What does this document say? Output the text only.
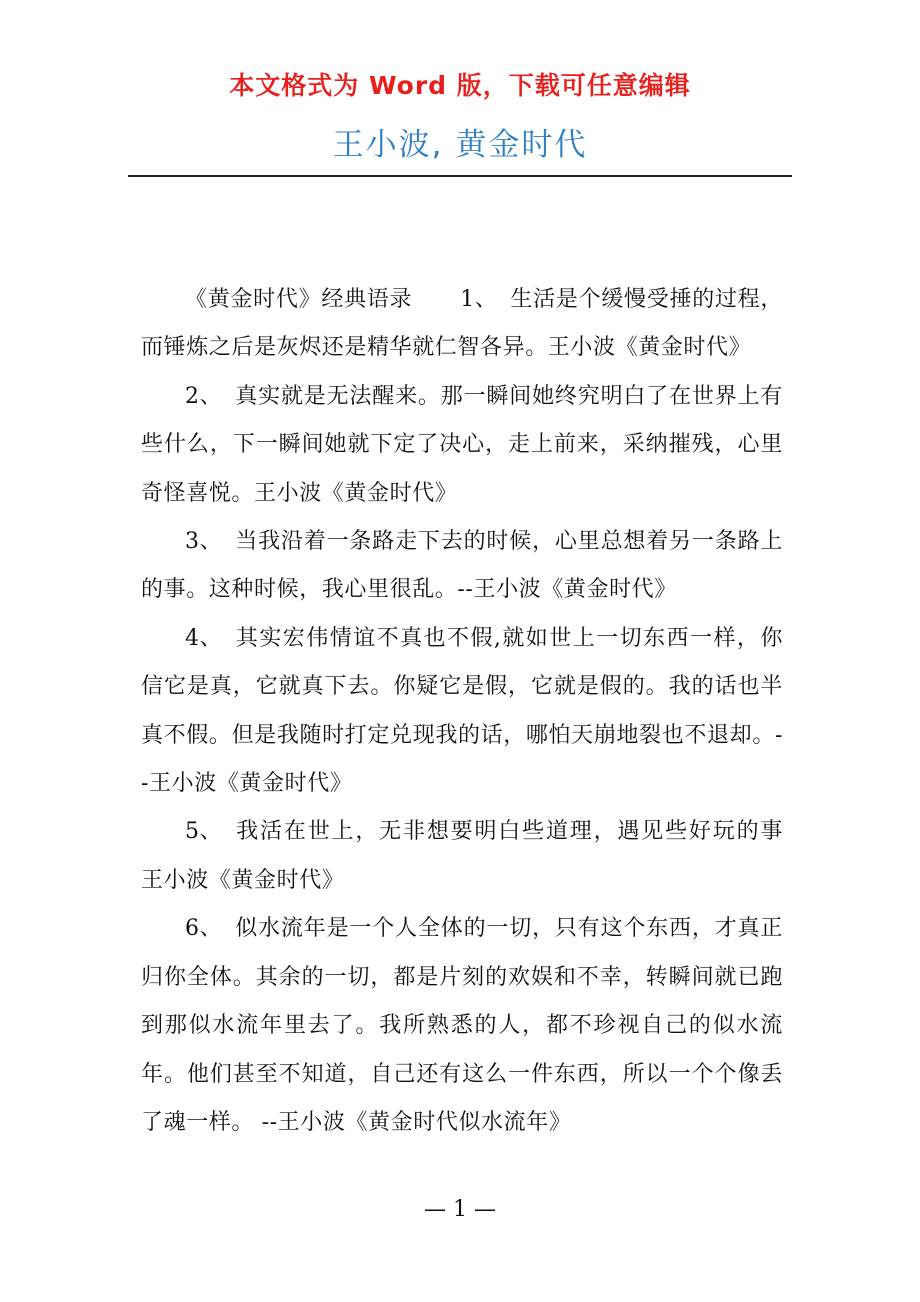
本文格式为 Word 版，下载可任意编辑
王小波, 黄金时代

《黄金时代》经典语录 1、 生活是个缓慢受捶的过程，而锤炼之后是灰烬还是精华就仁智各异。王小波《黄金时代》

2、 真实就是无法醒来。那一瞬间她终究明白了在世界上有些什么，下一瞬间她就下定了决心，走上前来，采纳摧残，心里奇怪喜悦。王小波《黄金时代》

3、 当我沿着一条路走下去的时候，心里总想着另一条路上的事。这种时候，我心里很乱。--王小波《黄金时代》

4、 其实宏伟情谊不真也不假,就如世上一切东西一样，你信它是真，它就真下去。你疑它是假，它就是假的。我的话也半真不假。但是我随时打定兑现我的话，哪怕天崩地裂也不退却。--王小波《黄金时代》

5、 我活在世上，无非想要明白些道理，遇见些好玩的事 王小波《黄金时代》

6、 似水流年是一个人全体的一切，只有这个东西，才真正归你全体。其余的一切，都是片刻的欢娱和不幸，转瞬间就已跑到那似水流年里去了。我所熟悉的人，都不珍视自己的似水流年。他们甚至不知道，自己还有这么一件东西，所以一个个像丢了魂一样。 --王小波《黄金时代似水流年》

— 1 —
